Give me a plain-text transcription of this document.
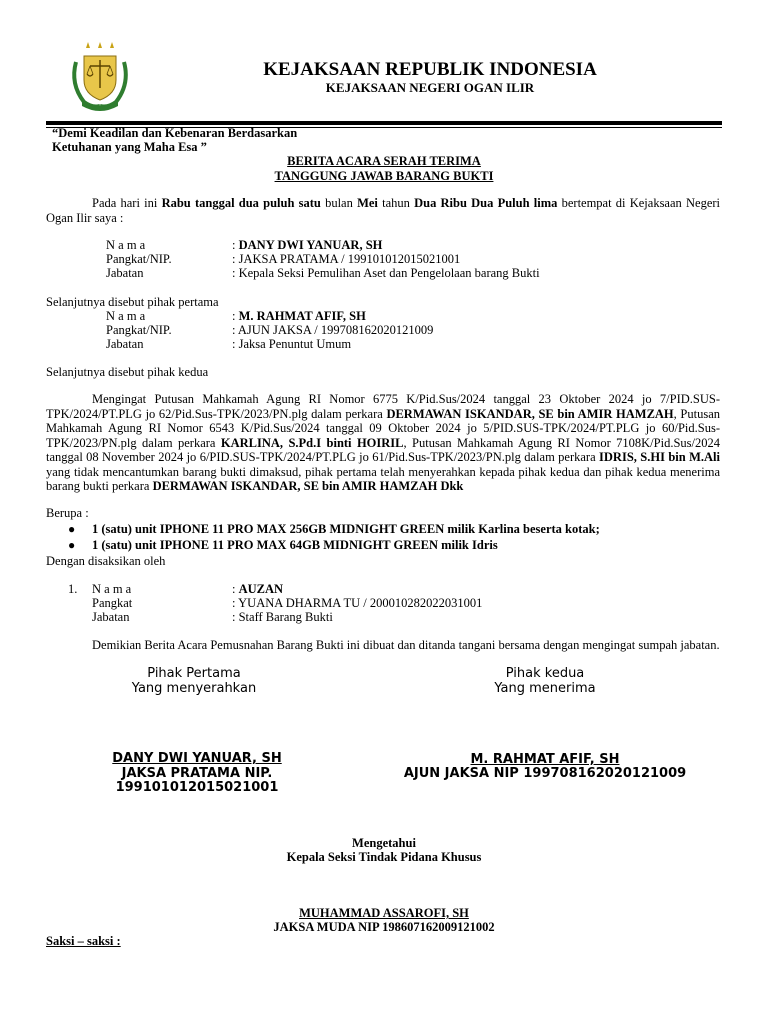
KEJAKSAAN REPUBLIK INDONESIA
KEJAKSAAN NEGERI OGAN ILIR
“Demi Keadilan dan Kebenaran Berdasarkan
Ketuhanan yang Maha Esa ”
BERITA ACARA SERAH TERIMA
TANGGUNG JAWAB BARANG BUKTI
Pada hari ini Rabu tanggal dua puluh satu bulan Mei tahun Dua Ribu Dua Puluh lima bertempat di Kejaksaan Negeri Ogan Ilir saya :
N a m a	: DANY DWI YANUAR, SH
Pangkat/NIP.	: JAKSA PRATAMA / 199101012015021001
Jabatan	: Kepala Seksi Pemulihan Aset dan Pengelolaan barang Bukti
Selanjutnya disebut pihak pertama
N a m a	: M. RAHMAT AFIF, SH
Pangkat/NIP.	: AJUN JAKSA / 199708162020121009
Jabatan	: Jaksa Penuntut Umum
Selanjutnya disebut pihak kedua
Mengingat Putusan Mahkamah Agung RI Nomor 6775 K/Pid.Sus/2024 tanggal 23 Oktober 2024 jo 7/PID.SUS-TPK/2024/PT.PLG jo 62/Pid.Sus-TPK/2023/PN.plg dalam perkara DERMAWAN ISKANDAR, SE bin AMIR HAMZAH, Putusan Mahkamah Agung RI Nomor 6543 K/Pid.Sus/2024 tanggal 09 Oktober 2024 jo 5/PID.SUS-TPK/2024/PT.PLG jo 60/Pid.Sus-TPK/2023/PN.plg dalam perkara KARLINA, S.Pd.I binti HOIRIL, Putusan Mahkamah Agung RI Nomor 7108K/Pid.Sus/2024 tanggal 08 November 2024 jo 6/PID.SUS-TPK/2024/PT.PLG jo 61/Pid.Sus-TPK/2023/PN.plg dalam perkara IDRIS, S.HI bin M.Ali yang tidak mencantumkan barang bukti dimaksud, pihak pertama telah menyerahkan kepada pihak kedua dan pihak kedua menerima barang bukti perkara DERMAWAN ISKANDAR, SE bin AMIR HAMZAH Dkk
Berupa :
● 1 (satu) unit IPHONE 11 PRO MAX 256GB MIDNIGHT GREEN milik Karlina beserta kotak;
● 1 (satu) unit IPHONE 11 PRO MAX 64GB MIDNIGHT GREEN milik Idris
Dengan disaksikan oleh
1. N a m a	: AUZAN
Pangkat	: YUANA DHARMA TU / 200010282022031001
Jabatan	: Staff Barang Bukti
Demikian Berita Acara Pemusnahan Barang Bukti ini dibuat dan ditanda tangani bersama dengan mengingat sumpah jabatan.
Pihak Pertama
Yang menyerahkan
Pihak kedua
Yang menerima
DANY DWI YANUAR, SH
JAKSA PRATAMA NIP.
199101012015021001
M. RAHMAT AFIF, SH
AJUN JAKSA NIP 199708162020121009
Mengetahui
Kepala Seksi Tindak Pidana Khusus
MUHAMMAD ASSAROFI, SH
JAKSA MUDA NIP 198607162009121002
Saksi – saksi :
